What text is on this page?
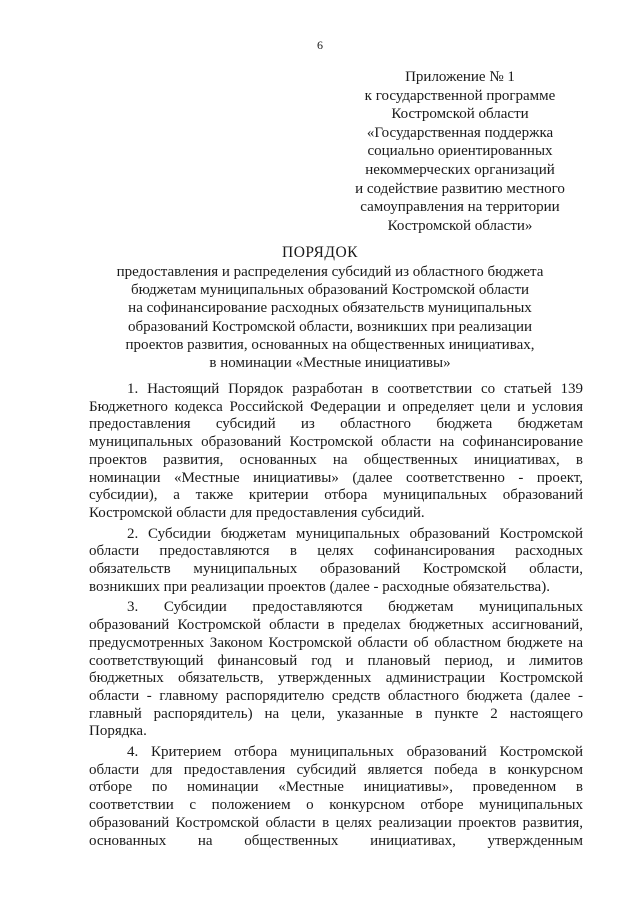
6
Приложение № 1
к государственной программе
Костромской области
«Государственная поддержка
социально ориентированных
некоммерческих организаций
и содействие развитию местного
самоуправления на территории
Костромской области»
ПОРЯДОК
предоставления и распределения субсидий из областного бюджета
бюджетам муниципальных образований Костромской области
на софинансирование расходных обязательств муниципальных
образований Костромской области, возникших при реализации
проектов развития, основанных на общественных инициативах,
в номинации «Местные инициативы»
1. Настоящий Порядок разработан в соответствии со статьей 139
Бюджетного кодекса Российской Федерации и определяет цели и условия
предоставления субсидий из областного бюджета бюджетам
муниципальных образований Костромской области на софинансирование
проектов развития, основанных на общественных инициативах, в
номинации «Местные инициативы» (далее соответственно - проект,
субсидии), а также критерии отбора муниципальных образований
Костромской области для предоставления субсидий.
2. Субсидии бюджетам муниципальных образований Костромской
области предоставляются в целях софинансирования расходных
обязательств муниципальных образований Костромской области,
возникших при реализации проектов (далее - расходные обязательства).
3. Субсидии предоставляются бюджетам муниципальных
образований Костромской области в пределах бюджетных ассигнований,
предусмотренных Законом Костромской области об областном бюджете на
соответствующий финансовый год и плановый период, и лимитов
бюджетных обязательств, утвержденных администрации Костромской
области - главному распорядителю средств областного бюджета (далее -
главный распорядитель) на цели, указанные в пункте 2 настоящего
Порядка.
4. Критерием отбора муниципальных образований Костромской
области для предоставления субсидий является победа в конкурсном
отборе по номинации «Местные инициативы», проведенном в
соответствии с положением о конкурсном отборе муниципальных
образований Костромской области в целях реализации проектов развития,
основанных на общественных инициативах, утвержденным
